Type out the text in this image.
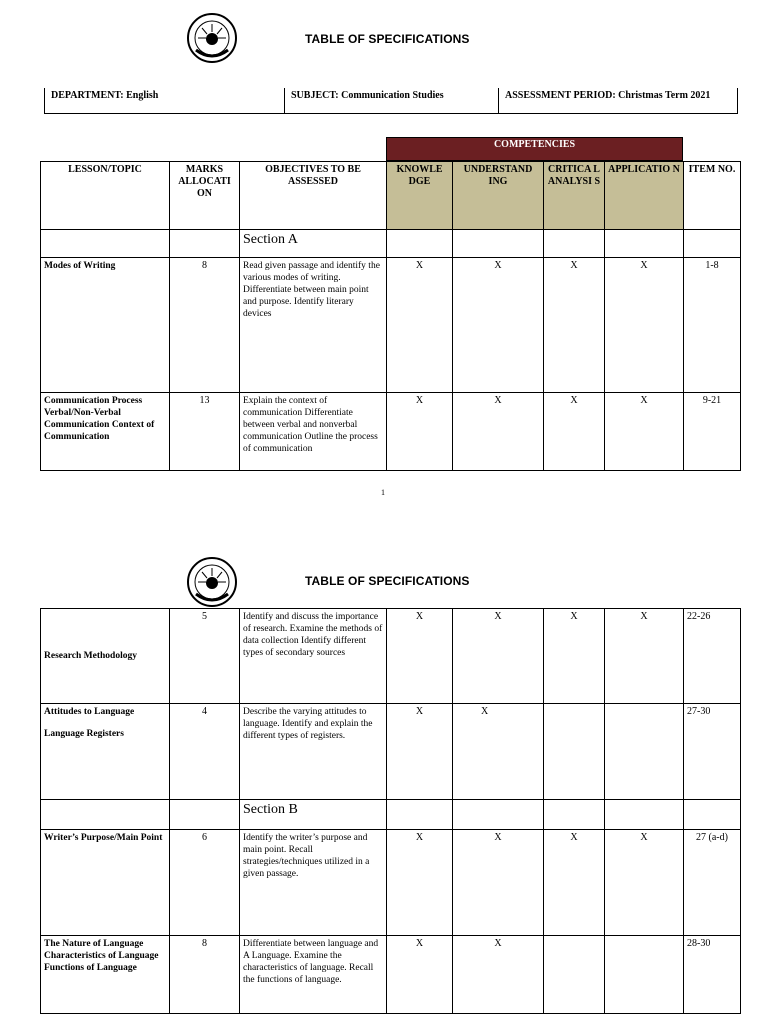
TABLE OF SPECIFICATIONS
DEPARTMENT: English	SUBJECT: Communication Studies	ASSESSMENT PERIOD: Christmas Term 2021
COMPETENCIES
LESSON/TOPIC	MARKS ALLOCATI ON	OBJECTIVES TO BE ASSESSED	KNOWLE DGE	UNDERSTAND ING	CRITICA L ANALYSI S	APPLICATIO N	ITEM NO.
		Section A					
Modes of Writing	8	Read given passage and identify the various modes of writing. Differentiate between main point and purpose. Identify literary devices	X	X	X	X	1-8
Communication Process Verbal/Non-Verbal Communication Context of Communication	13	Explain the context of communication Differentiate between verbal and nonverbal communication Outline the process of communication	X	X	X	X	9-21
1
TABLE OF SPECIFICATIONS
Research Methodology	5	Identify and discuss the importance of research. Examine the methods of data collection Identify different types of secondary sources	X	X	X	X	22-26

Attitudes to Language
Language Registers	4	Describe the varying attitudes to language. Identify and explain the different types of registers.	X	X			27-30
		Section B					
Writer’s Purpose/Main Point	6	Identify the writer’s purpose and main point. Recall strategies/techniques utilized in a given passage.	X	X	X	X	27 (a-d)
The Nature of Language Characteristics of Language Functions of Language	8	Differentiate between language and A Language. Examine the characteristics of language. Recall the functions of language.	X	X			28-30
